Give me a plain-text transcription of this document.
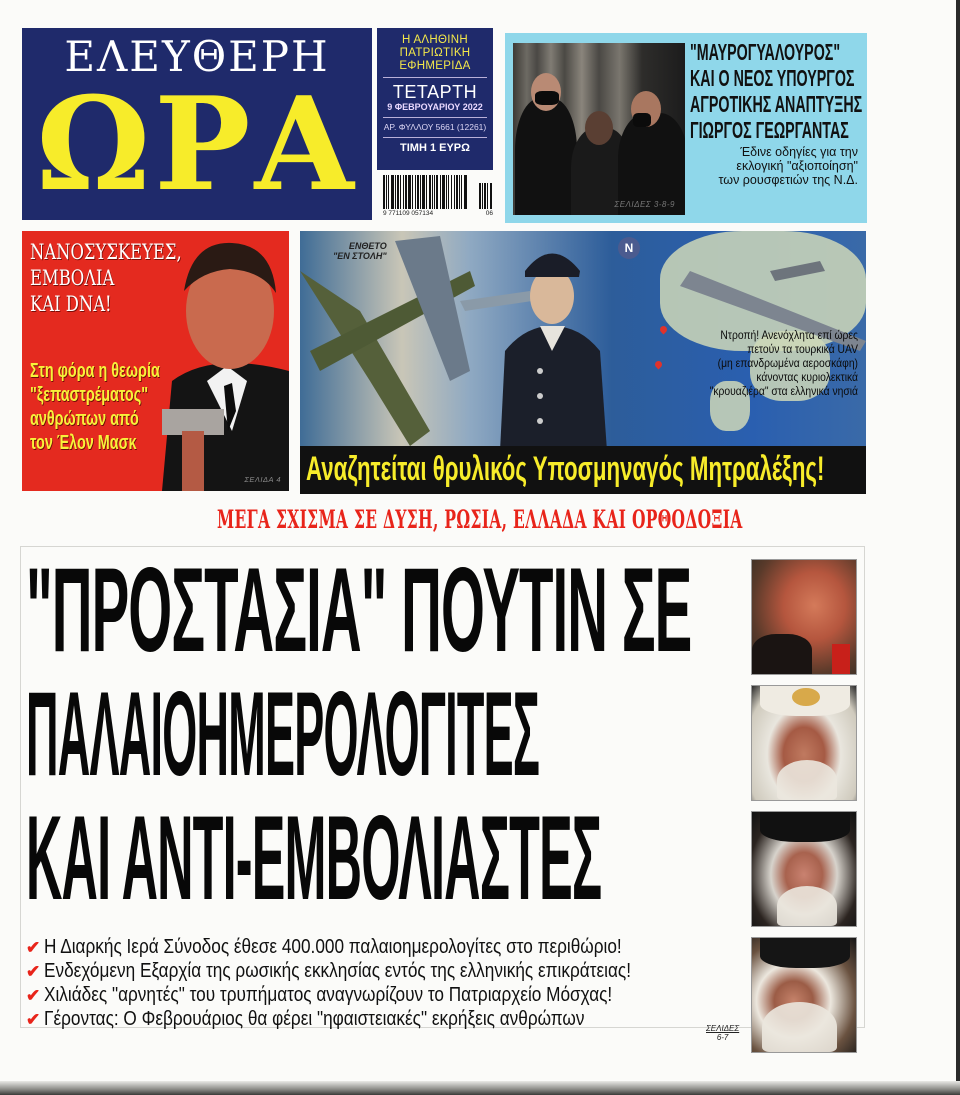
ΕΛΕΥΘΕΡΗ
ΩΡΑ
Η ΑΛΗΘΙΝΗ
ΠΑΤΡΙΩΤΙΚΗ
ΕΦΗΜΕΡΙΔΑ
ΤΕΤΑΡΤΗ
9 ΦΕΒΡΟΥΑΡΙΟΥ 2022
ΑΡ. ΦΥΛΛΟΥ 5661 (12261)
ΤΙΜΗ 1 ΕΥΡΩ
9 771109 057134	06
ΣΕΛΙΔΕΣ 3-8-9
"ΜΑΥΡΟΓΥΑΛΟΥΡΟΣ"
ΚΑΙ Ο ΝΕΟΣ ΥΠΟΥΡΓΟΣ
ΑΓΡΟΤΙΚΗΣ ΑΝΑΠΤΥΞΗΣ
ΓΙΩΡΓΟΣ ΓΕΩΡΓΑΝΤΑΣ
Έδινε οδηγίες για την
εκλογική "αξιοποίηση"
των ρουσφετιών της Ν.Δ.
ΝΑΝΟΣΥΣΚΕΥΕΣ,
ΕΜΒΟΛΙΑ
ΚΑΙ DNA!
Στη φόρα η θεωρία
"ξεπαστρέματος"
ανθρώπων από
τον Έλον Μασκ
ΣΕΛΙΔΑ 4
ΕΝΘΕΤΟ
"ΕΝ ΣΤΟΛΗ"
N
Ντροπή! Ανενόχλητα επί ώρες
πετούν τα τουρκικά UAV
(μη επανδρωμένα αεροσκάφη)
κάνοντας κυριολεκτικά
"κρουαζιέρα" στα ελληνικά νησιά
Αναζητείται θρυλικός Υποσμηναγός Μητραλέξης!
ΜΕΓΑ ΣΧΙΣΜΑ ΣΕ ΔΥΣΗ, ΡΩΣΙΑ, ΕΛΛΑΔΑ ΚΑΙ ΟΡΘΟΔΟΞΙΑ
"ΠΡΟΣΤΑΣΙΑ" ΠΟΥΤΙΝ ΣΕ
ΠΑΛΑΙΟΗΜΕΡΟΛΟΓΙΤΕΣ
ΚΑΙ ΑΝΤΙ-ΕΜΒΟΛΙΑΣΤΕΣ
✔ Η Διαρκής Ιερά Σύνοδος έθεσε 400.000 παλαιοημερολογίτες στο περιθώριο!
✔ Ενδεχόμενη Εξαρχία της ρωσικής εκκλησίας εντός της ελληνικής επικράτειας!
✔ Χιλιάδες "αρνητές" του τρυπήματος αναγνωρίζουν το Πατριαρχείο Μόσχας!
✔ Γέροντας: Ο Φεβρουάριος θα φέρει "ηφαιστειακές" εκρήξεις ανθρώπων	ΣΕΛΙΔΕΣ
6-7
